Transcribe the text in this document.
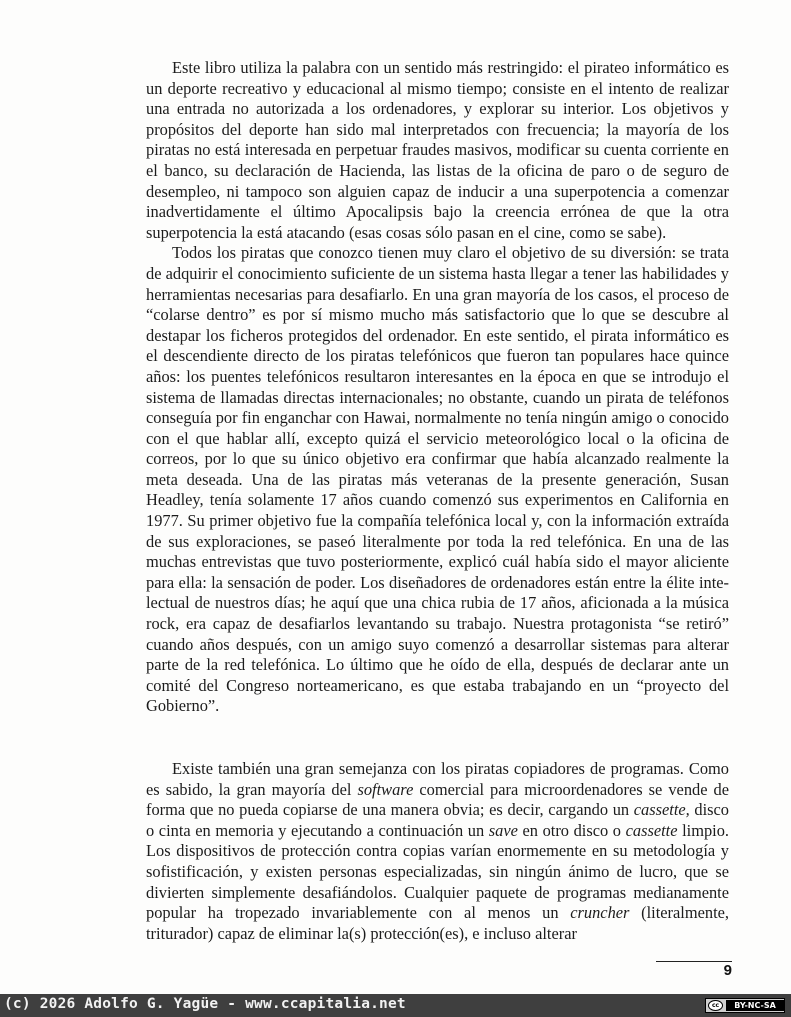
Este libro utiliza la palabra con un sentido más restringido: el pirateo informático es un deporte recreativo y educacional al mismo tiempo; consiste en el intento de realizar una entrada no autorizada a los ordenadores, y explorar su interior. Los objetivos y propósitos del deporte han sido mal interpretados con frecuencia; la mayoría de los piratas no está interesada en perpetuar fraudes masivos, modificar su cuenta corriente en el banco, su declaración de Hacienda, las listas de la oficina de paro o de seguro de desempleo, ni tampoco son alguien capaz de inducir a una superpotencia a comenzar inadvertidamente el último Apocalipsis bajo la creencia errónea de que la otra superpotencia la está atacando (esas cosas sólo pasan en el cine, como se sabe).

Todos los piratas que conozco tienen muy claro el objetivo de su diversión: se trata de adquirir el conocimiento suficiente de un sistema hasta llegar a tener las habilidades y herramientas necesarias para desafiarlo. En una gran mayoría de los casos, el proceso de “colarse dentro” es por sí mismo mucho más satisfactorio que lo que se descubre al destapar los ficheros protegidos del ordenador. En este sentido, el pirata informático es el descendiente directo de los piratas telefónicos que fueron tan populares hace quince años: los puentes telefónicos resultaron interesantes en la época en que se introdujo el sistema de llamadas directas internacionales; no obstante, cuando un pirata de teléfonos conseguía por fin enganchar con Hawai, normalmente no tenía ningún amigo o conocido con el que hablar allí, excepto quizá el servicio meteorológico local o la oficina de correos, por lo que su único objetivo era confirmar que había alcanzado realmente la meta deseada. Una de las piratas más veteranas de la presente generación, Susan Headley, tenía solamente 17 años cuando comenzó sus experimentos en California en 1977. Su primer objetivo fue la compañía telefónica local y, con la información extraída de sus exploraciones, se paseó literalmente por toda la red telefónica. En una de las muchas entrevistas que tuvo posteriormente, explicó cuál había sido el mayor aliciente para ella: la sensación de poder. Los diseñadores de ordenadores están entre la élite intelectual de nuestros días; he aquí que una chica rubia de 17 años, aficionada a la música rock, era capaz de desafiarlos levantando su trabajo. Nuestra protagonista “se retiró” cuando años después, con un amigo suyo comenzó a desarrollar sistemas para alterar parte de la red telefónica. Lo último que he oído de ella, después de declarar ante un comité del Congreso norteamericano, es que estaba trabajando en un “proyecto del Gobierno”.

Existe también una gran semejanza con los piratas copiadores de programas. Como es sabido, la gran mayoría del software comercial para microordenadores se vende de forma que no pueda copiarse de una manera obvia; es decir, cargando un cassette, disco o cinta en memoria y ejecutando a continuación un save en otro disco o cassette limpio. Los dispositivos de protección contra copias varían enormemente en su metodología y sofistificación, y existen personas especializadas, sin ningún ánimo de lucro, que se divierten simplemente desafiándolos. Cualquier paquete de programas medianamente popular ha tropezado invariablemente con al menos un cruncher (literalmente, triturador) capaz de eliminar la(s) protección(es), e incluso alterar

9
(c) 2026 Adolfo G. Yagüe - www.ccapitalia.net	cc	BY-NC-SA
